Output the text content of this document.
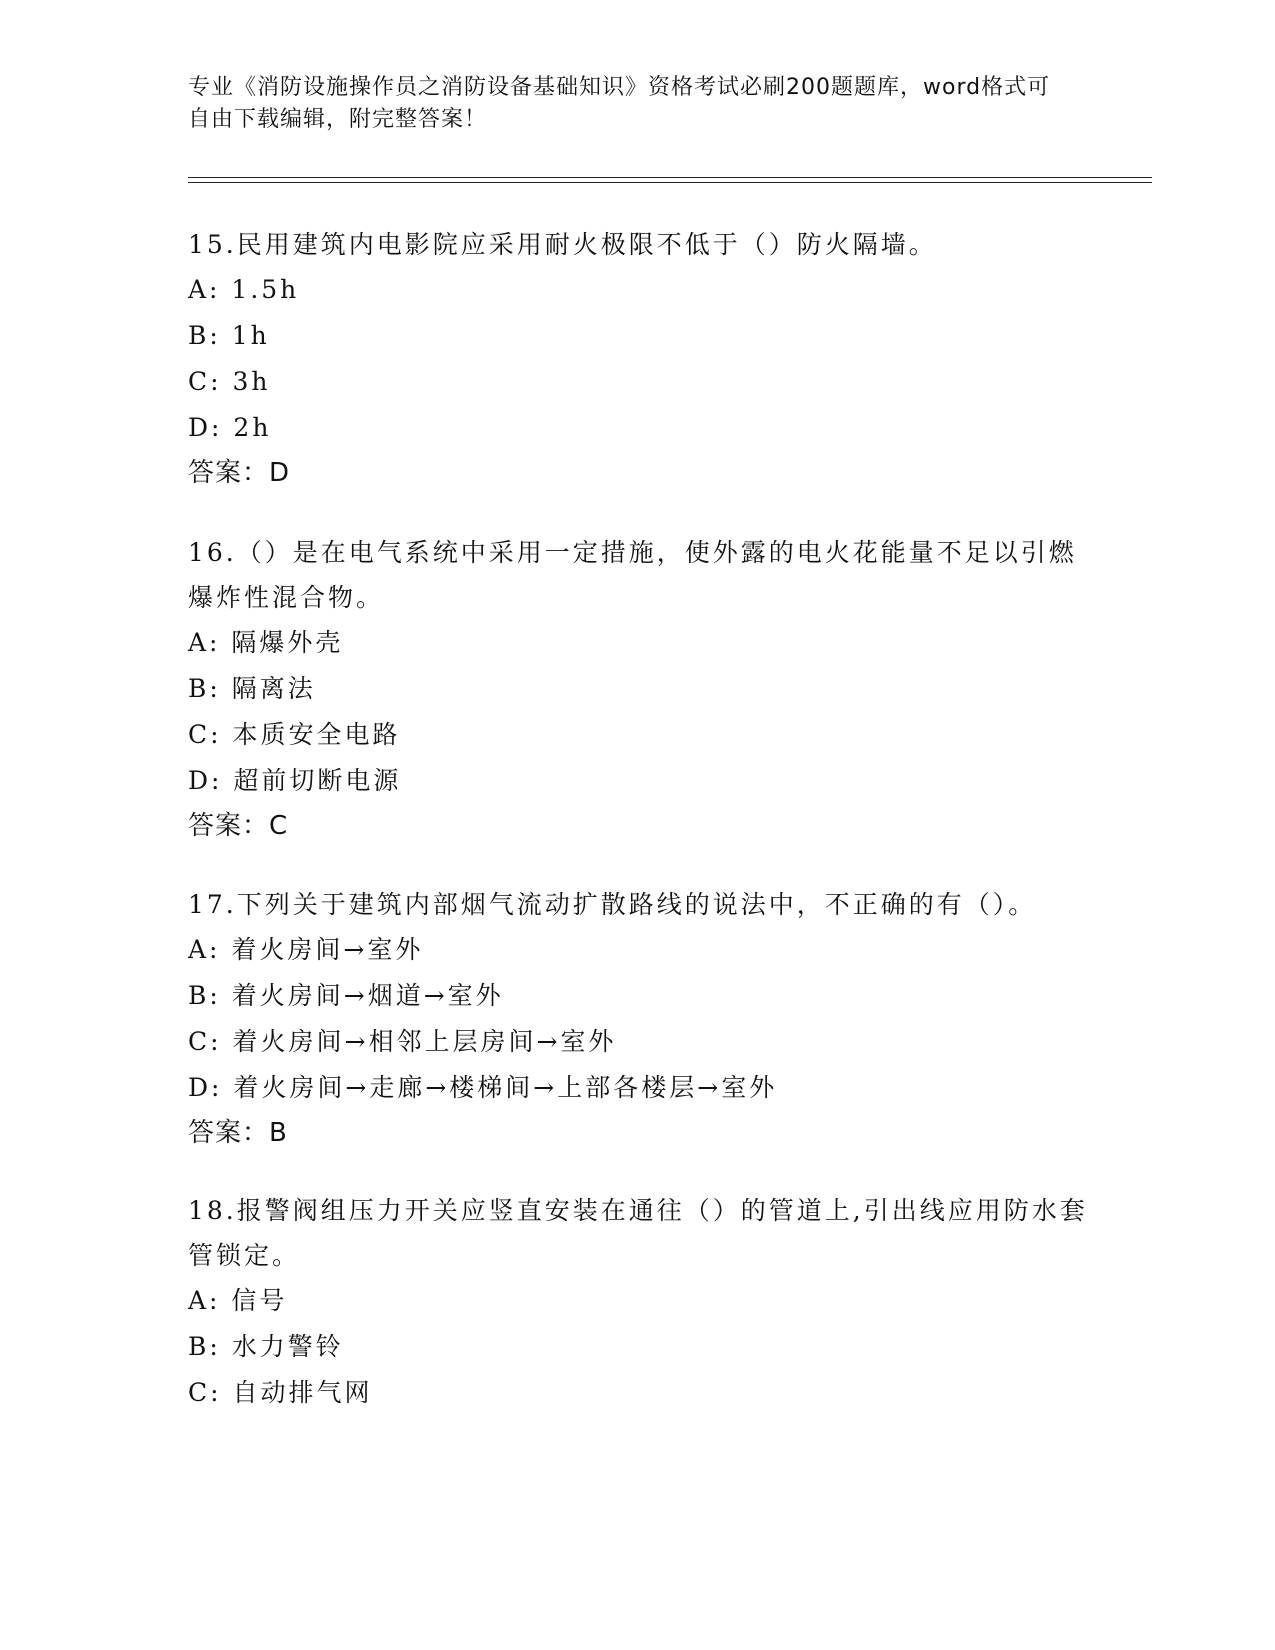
专业《消防设施操作员之消防设备基础知识》资格考试必刷200题题库，word格式可自由下载编辑，附完整答案！

15.民用建筑内电影院应采用耐火极限不低于（）防火隔墙。

A: 1.5h

B: 1h

C: 3h

D: 2h

答案：D

16.（）是在电气系统中采用一定措施，使外露的电火花能量不足以引燃爆炸性混合物。

A: 隔爆外壳

B: 隔离法

C: 本质安全电路

D: 超前切断电源

答案：C

17.下列关于建筑内部烟气流动扩散路线的说法中，不正确的有（）。

A: 着火房间→室外

B: 着火房间→烟道→室外

C: 着火房间→相邻上层房间→室外

D: 着火房间→走廊→楼梯间→上部各楼层→室外

答案：B

18.报警阀组压力开关应竖直安装在通往（）的管道上,引出线应用防水套管锁定。

A: 信号

B: 水力警铃

C: 自动排气网
